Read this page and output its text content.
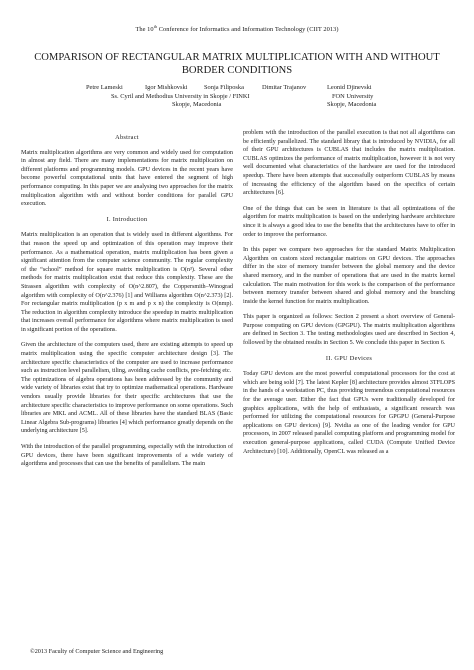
The 10th Conference for Informatics and Information Technology (CIIT 2013)
COMPARISON OF RECTANGULAR MATRIX MULTIPLICATION WITH AND WITHOUT BORDER CONDITIONS
Petre Lameski	Igor Mishkovski	Sonja Filiposka	Dimitar Trajanov	Leonid Djinevski
Ss. Cyril and Methodius University in Skopje / FINKI	FON University
Skopje, Macedonia	Skopje, Macedonia
Abstract

Matrix multiplication algorithms are very common and widely used for computation in almost any field. There are many implementations for matrix multiplication on different platforms and programming models. GPU devices in the recent years have become powerful computational units that have entered the segment of high performance computing. In this paper we are analysing two approaches for the matrix multiplication algorithm with and without border conditions for parallel GPU execution.

I. Introduction

Matrix multiplication is an operation that is widely used in different algorithms. For that reason the speed up and optimization of this operation may improve their performance. As a mathematical operation, matrix multiplication has been given a significant attention from the computer science community. The regular complexity of the “school” method for square matrix multiplication is O(n³). Several other methods for matrix multiplication exist that reduce this complexity. These are the Strassen algorithm with complexity of O(n^2.807), the Coppersmith–Winograd algorithm with complexity of O(n^2.376) [1] and Williams algorithm O(n^2.373) [2]. For rectangular matrix multiplication (p x m and p x n) the complexity is O(nmp). The reduction in algorithm complexity introduce the speedup in matrix multiplication that increases overall performance for algorithms where matrix multiplication is used in significant portion of the operations.

Given the architecture of the computers used, there are existing attempts to speed up matrix multiplication using the specific computer architecture design [3]. The architecture specific characteristics of the computer are used to increase performance such as instruction level parallelism, tiling, avoiding cache conflicts, pre-fetching etc.

The optimizations of algebra operations has been addressed by the community and wide variety of libraries exist that try to optimize mathematical operations. Hardware vendors usually provide libraries for their specific architectures that use the architecture specific characteristics to improve performance on some operations. Such libraries are MKL and ACML. All of these libraries have the standard BLAS (Basic Linear Algebra Sub-programs) libraries [4] which performance greatly depends on the underlying architecture [5].

With the introduction of the parallel programming, especially with the introduction of GPU devices, there have been significant improvements of a wide variety of algorithms and processes that can use the benefits of parallelism. The main

problem with the introduction of the parallel execution is that not all algorithms can be efficiently parallelized. The standard library that is introduced by NVIDIA, for all of their GPU architectures is CUBLAS that includes the matrix multiplication. CUBLAS optimizes the performance of matrix multiplication, however it is not very well documented what characteristics of the hardware are used for the introduced speedup. There have been attempts that successfully outperform CUBLAS by means of increasing the efficiency of the algorithm based on the specifics of certain architectures [6].

One of the things that can be seen in literature is that all optimizations of the algorithm for matrix multiplication is based on the underlying hardware architecture since it is always a good idea to use the benefits that the architectures have to offer in order to improve the performance.

In this paper we compare two approaches for the standard Matrix Multiplication Algorithm on custom sized rectangular matrices on GPU devices. The approaches differ in the size of memory transfer between the global memory and the device shared memory, and in the number of operations that are used in the matrix kernel calculation. The main motivation for this work is the comparison of the performance between memory transfer between shared and global memory and the branching inside the kernel function for matrix multiplication.

This paper is organized as follows: Section 2 present a short overview of General-Purpose computing on GPU devices (GPGPU). The matrix multiplication algorithms are defined in Section 3. The testing methodologies used are described in Section 4, followed by the obtained results in Section 5. We conclude this paper in Section 6.

II. GPU Devices

Today GPU devices are the most powerful computational processors for the cost at which are being sold [7]. The latest Kepler [8] architecture provides almost 3TFLOPS in the hands of a workstation PC, thus providing tremendous computational resources for the average user. Either the fact that GPUs were traditionally developed for graphics applications, with the help of enthusiasts, a significant research was performed for utilizing the computational resources for GPGPU (General-Purpose applications on GPU devices) [9]. Nvidia as one of the leading vendor for GPU processors, in 2007 released parallel computing platform and programming model for execution general-purpose applications, called CUDA (Compute Unified Device Architecture) [10]. Additionally, OpenCL was released as a

©2013 Faculty of Computer Science and Engineering
